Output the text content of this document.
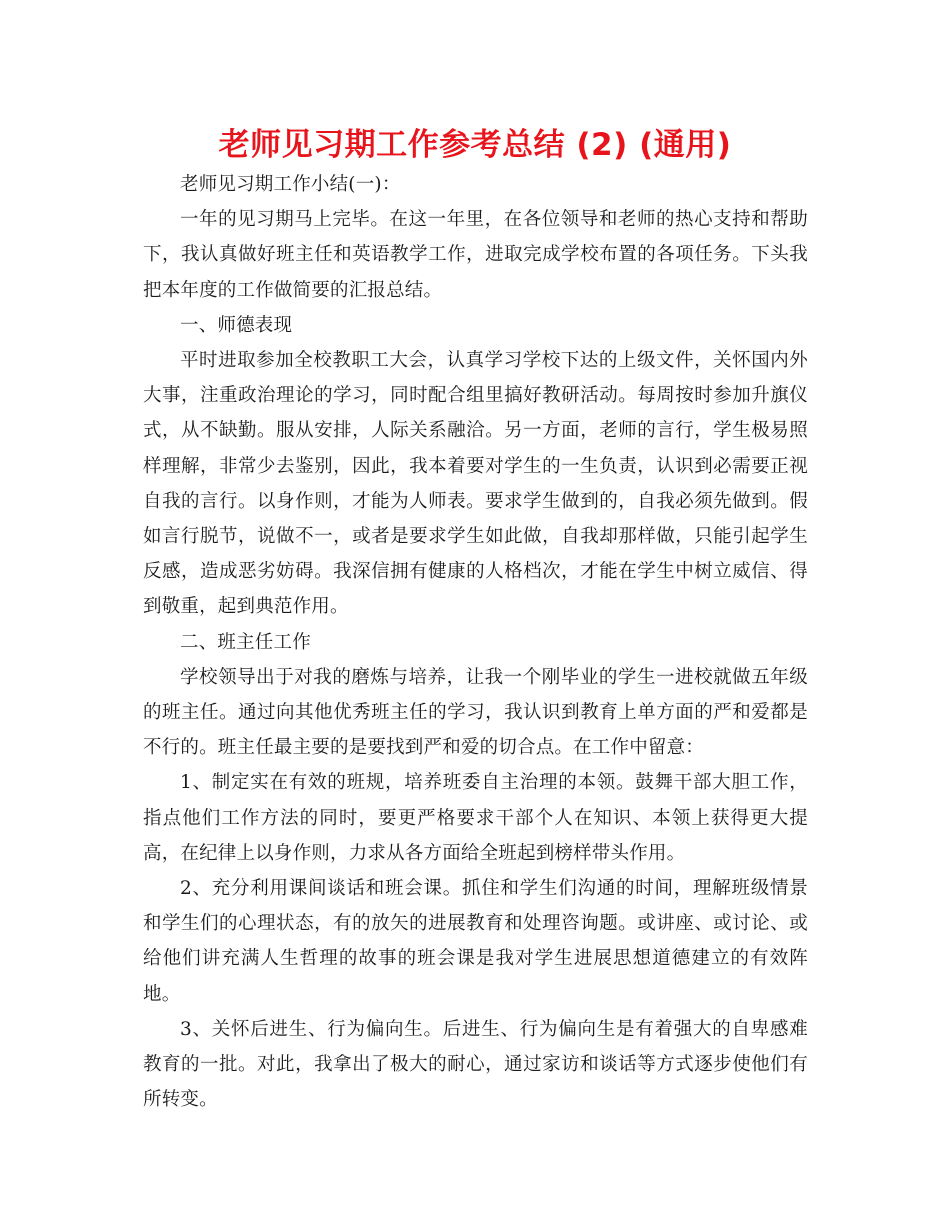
老师见习期工作参考总结 (2) (通用)

老师见习期工作小结(一)：

一年的见习期马上完毕。在这一年里，在各位领导和老师的热心支持和帮助下，我认真做好班主任和英语教学工作，进取完成学校布置的各项任务。下头我把本年度的工作做简要的汇报总结。

一、师德表现

平时进取参加全校教职工大会，认真学习学校下达的上级文件，关怀国内外大事，注重政治理论的学习，同时配合组里搞好教研活动。每周按时参加升旗仪式，从不缺勤。服从安排，人际关系融洽。另一方面，老师的言行，学生极易照样理解，非常少去鉴别，因此，我本着要对学生的一生负责，认识到必需要正视自我的言行。以身作则，才能为人师表。要求学生做到的，自我必须先做到。假如言行脱节，说做不一，或者是要求学生如此做，自我却那样做，只能引起学生反感，造成恶劣妨碍。我深信拥有健康的人格档次，才能在学生中树立威信、得到敬重，起到典范作用。

二、班主任工作

学校领导出于对我的磨炼与培养，让我一个刚毕业的学生一进校就做五年级的班主任。通过向其他优秀班主任的学习，我认识到教育上单方面的严和爱都是不行的。班主任最主要的是要找到严和爱的切合点。在工作中留意：

1、制定实在有效的班规，培养班委自主治理的本领。鼓舞干部大胆工作，指点他们工作方法的同时，要更严格要求干部个人在知识、本领上获得更大提高，在纪律上以身作则，力求从各方面给全班起到榜样带头作用。

2、充分利用课间谈话和班会课。抓住和学生们沟通的时间，理解班级情景和学生们的心理状态，有的放矢的进展教育和处理咨询题。或讲座、或讨论、或给他们讲充满人生哲理的故事的班会课是我对学生进展思想道德建立的有效阵地。

3、关怀后进生、行为偏向生。后进生、行为偏向生是有着强大的自卑感难教育的一批。对此，我拿出了极大的耐心，通过家访和谈话等方式逐步使他们有所转变。
